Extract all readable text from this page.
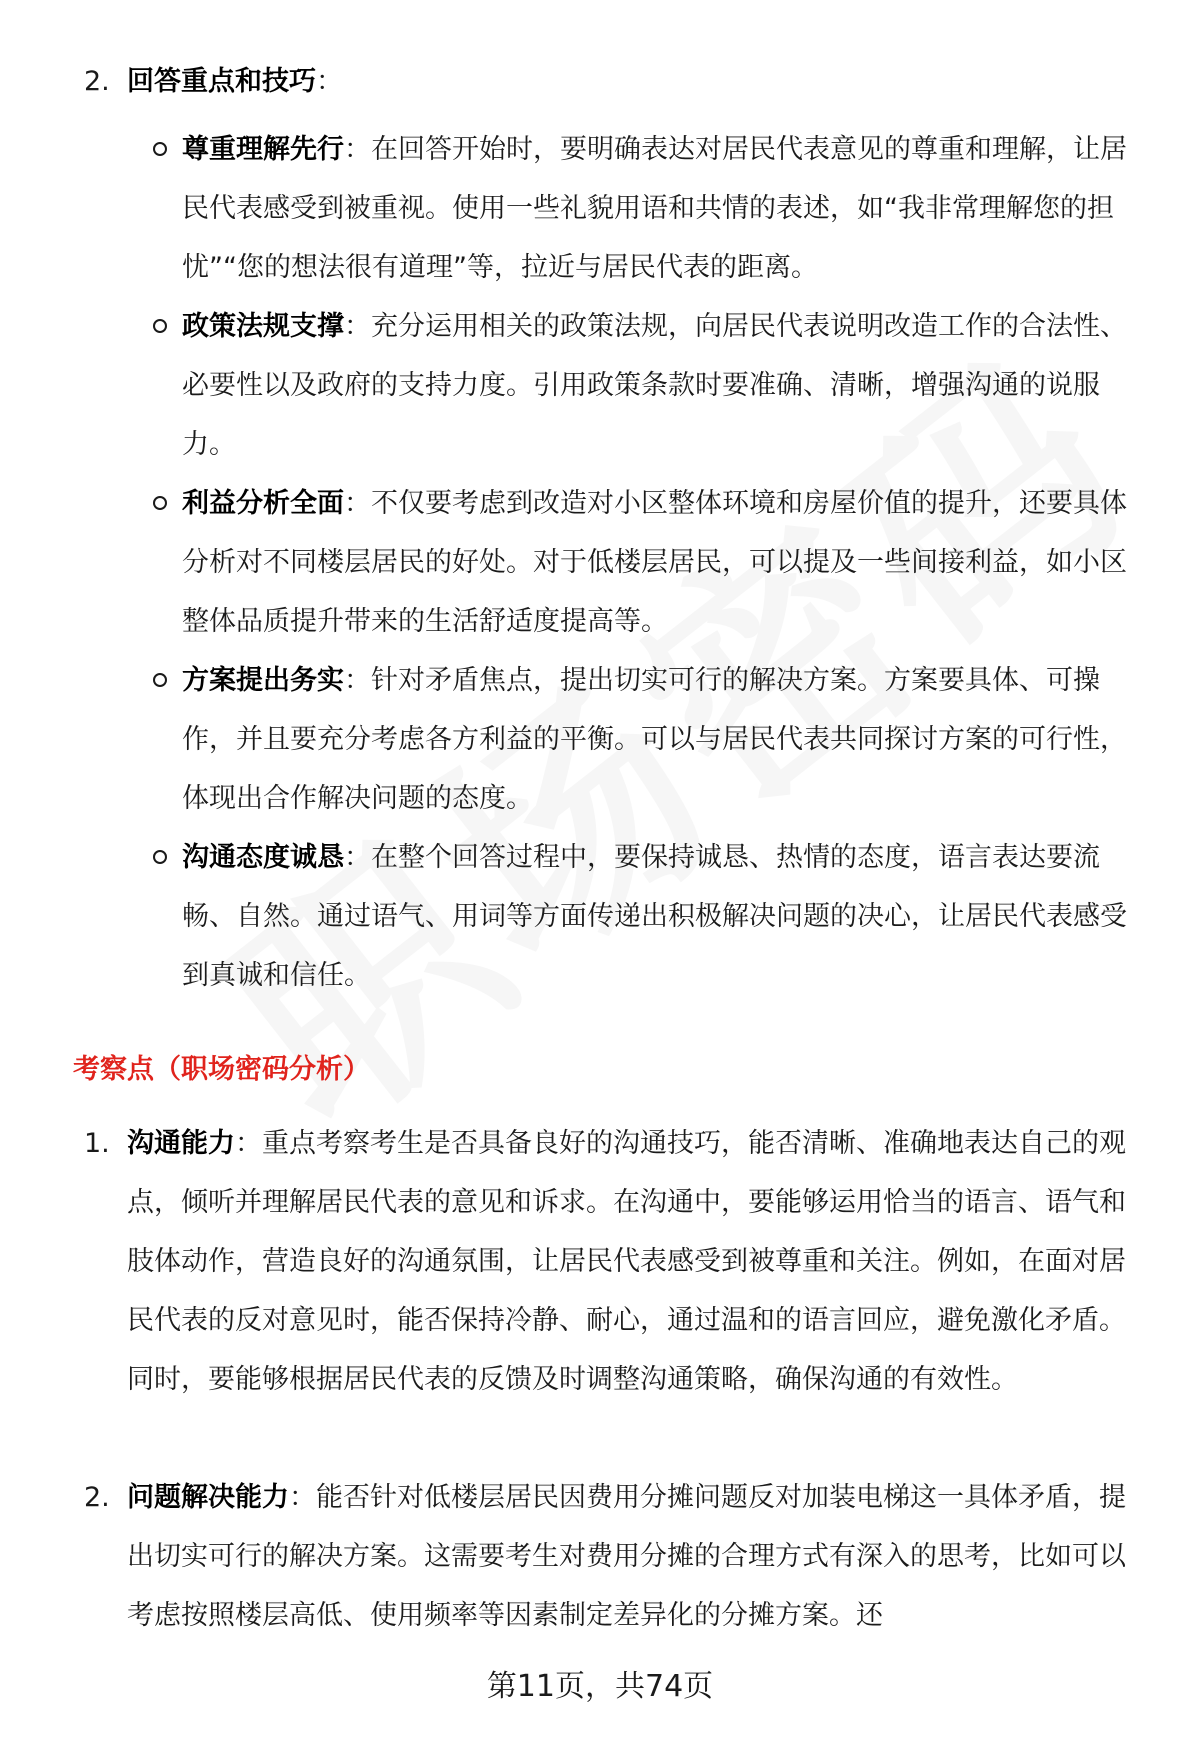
2. 回答重点和技巧：
尊重理解先行：在回答开始时，要明确表达对居民代表意见的尊重和理解，让居民代表感受到被重视。使用一些礼貌用语和共情的表述，如“我非常理解您的担忧”“您的想法很有道理”等，拉近与居民代表的距离。
政策法规支撑：充分运用相关的政策法规，向居民代表说明改造工作的合法性、必要性以及政府的支持力度。引用政策条款时要准确、清晰，增强沟通的说服力。
利益分析全面：不仅要考虑到改造对小区整体环境和房屋价值的提升，还要具体分析对不同楼层居民的好处。对于低楼层居民，可以提及一些间接利益，如小区整体品质提升带来的生活舒适度提高等。
方案提出务实：针对矛盾焦点，提出切实可行的解决方案。方案要具体、可操作，并且要充分考虑各方利益的平衡。可以与居民代表共同探讨方案的可行性，体现出合作解决问题的态度。
沟通态度诚恳：在整个回答过程中，要保持诚恳、热情的态度，语言表达要流畅、自然。通过语气、用词等方面传递出积极解决问题的决心，让居民代表感受到真诚和信任。
考察点（职场密码分析）
1. 沟通能力：重点考察考生是否具备良好的沟通技巧，能否清晰、准确地表达自己的观点，倾听并理解居民代表的意见和诉求。在沟通中，要能够运用恰当的语言、语气和肢体动作，营造良好的沟通氛围，让居民代表感受到被尊重和关注。例如，在面对居民代表的反对意见时，能否保持冷静、耐心，通过温和的语言回应，避免激化矛盾。同时，要能够根据居民代表的反馈及时调整沟通策略，确保沟通的有效性。
2. 问题解决能力：能否针对低楼层居民因费用分摊问题反对加装电梯这一具体矛盾，提出切实可行的解决方案。这需要考生对费用分摊的合理方式有深入的思考，比如可以考虑按照楼层高低、使用频率等因素制定差异化的分摊方案。还
第11页，共74页
